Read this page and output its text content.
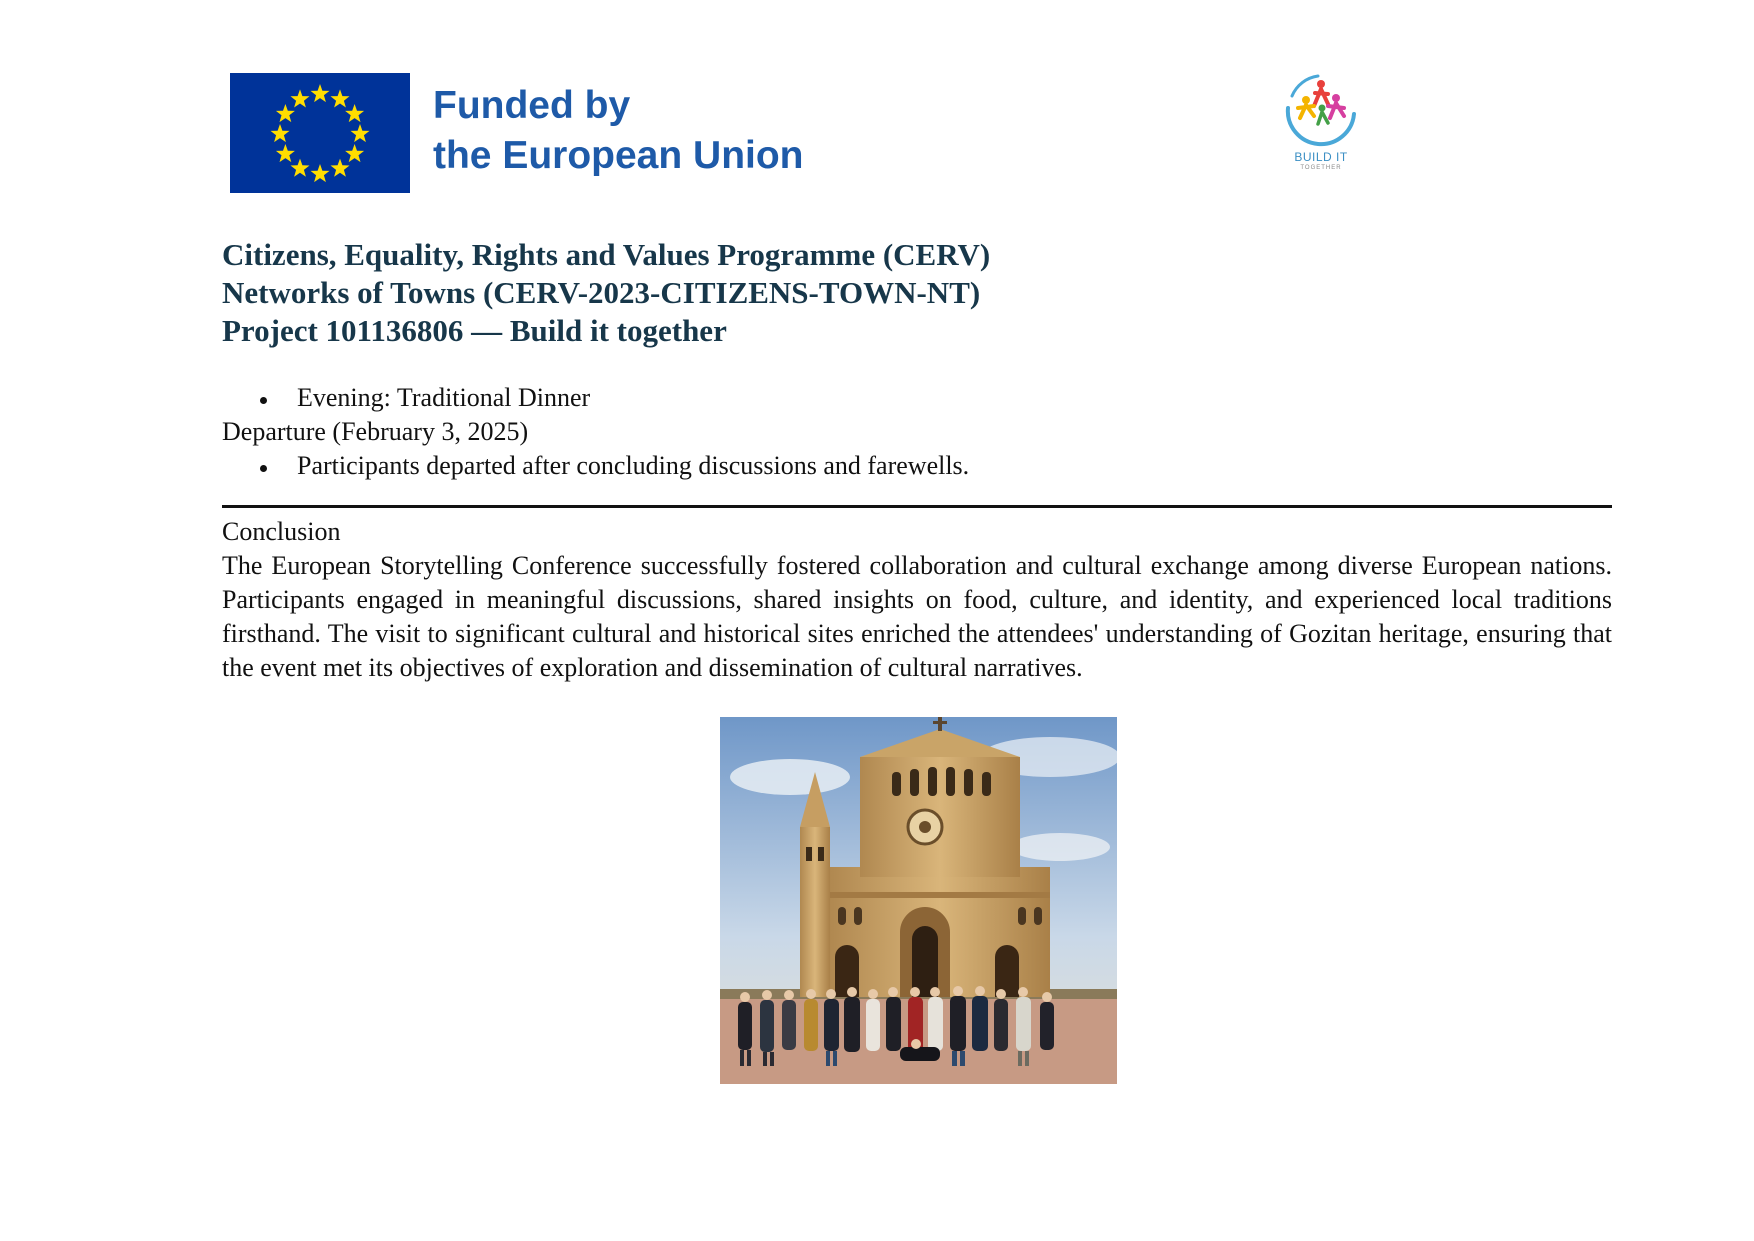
Funded by
the European Union	BUILD IT
TOGETHER
Citizens, Equality, Rights and Values Programme (CERV)
Networks of Towns (CERV-2023-CITIZENS-TOWN-NT)
Project 101136806 — Build it together
Evening: Traditional Dinner
Departure (February 3, 2025)
Participants departed after concluding discussions and farewells.
Conclusion
The European Storytelling Conference successfully fostered collaboration and cultural exchange among diverse European nations. Participants engaged in meaningful discussions, shared insights on food, culture, and identity, and experienced local traditions firsthand. The visit to significant cultural and historical sites enriched the attendees' understanding of Gozitan heritage, ensuring that the event met its objectives of exploration and dissemination of cultural narratives.
